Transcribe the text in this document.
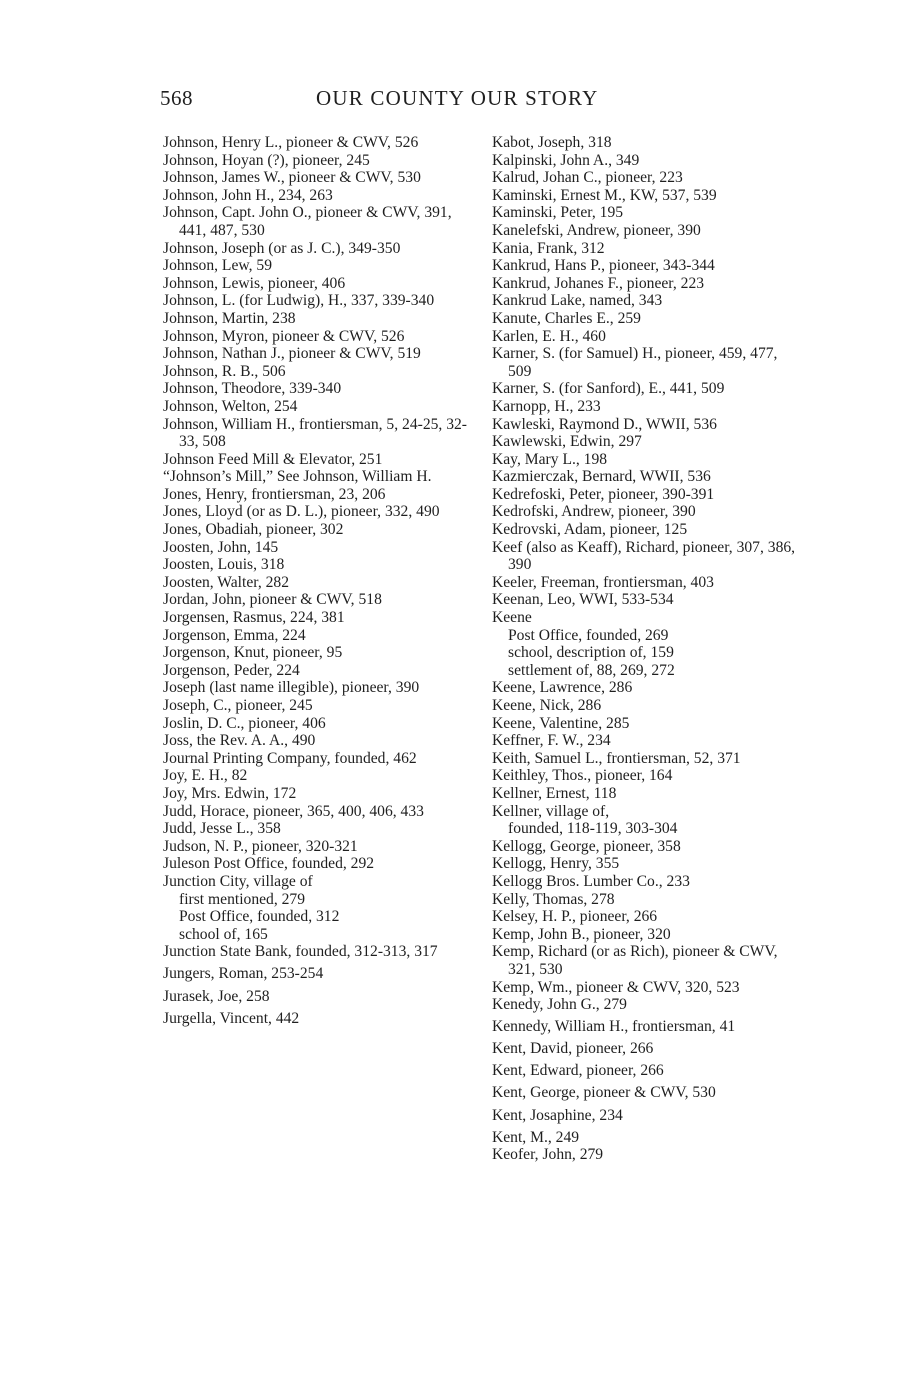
568	OUR COUNTY OUR STORY
Johnson, Henry L., pioneer & CWV, 526
Johnson, Hoyan (?), pioneer, 245
Johnson, James W., pioneer & CWV, 530
Johnson, John H., 234, 263
Johnson, Capt. John O., pioneer & CWV, 391, 441, 487, 530
Johnson, Joseph (or as J. C.), 349-350
Johnson, Lew, 59
Johnson, Lewis, pioneer, 406
Johnson, L. (for Ludwig), H., 337, 339-340
Johnson, Martin, 238
Johnson, Myron, pioneer & CWV, 526
Johnson, Nathan J., pioneer & CWV, 519
Johnson, R. B., 506
Johnson, Theodore, 339-340
Johnson, Welton, 254
Johnson, William H., frontiersman, 5, 24-25, 32-33, 508
Johnson Feed Mill & Elevator, 251
“Johnson’s Mill,” See Johnson, William H.
Jones, Henry, frontiersman, 23, 206
Jones, Lloyd (or as D. L.), pioneer, 332, 490
Jones, Obadiah, pioneer, 302
Joosten, John, 145
Joosten, Louis, 318
Joosten, Walter, 282
Jordan, John, pioneer & CWV, 518
Jorgensen, Rasmus, 224, 381
Jorgenson, Emma, 224
Jorgenson, Knut, pioneer, 95
Jorgenson, Peder, 224
Joseph (last name illegible), pioneer, 390
Joseph, C., pioneer, 245
Joslin, D. C., pioneer, 406
Joss, the Rev. A. A., 490
Journal Printing Company, founded, 462
Joy, E. H., 82
Joy, Mrs. Edwin, 172
Judd, Horace, pioneer, 365, 400, 406, 433
Judd, Jesse L., 358
Judson, N. P., pioneer, 320-321
Juleson Post Office, founded, 292
Junction City, village of
first mentioned, 279
Post Office, founded, 312
school of, 165
Junction State Bank, founded, 312-313, 317
Jungers, Roman, 253-254
Jurasek, Joe, 258
Jurgella, Vincent, 442
Kabot, Joseph, 318
Kalpinski, John A., 349
Kalrud, Johan C., pioneer, 223
Kaminski, Ernest M., KW, 537, 539
Kaminski, Peter, 195
Kanelefski, Andrew, pioneer, 390
Kania, Frank, 312
Kankrud, Hans P., pioneer, 343-344
Kankrud, Johanes F., pioneer, 223
Kankrud Lake, named, 343
Kanute, Charles E., 259
Karlen, E. H., 460
Karner, S. (for Samuel) H., pioneer, 459, 477, 509
Karner, S. (for Sanford), E., 441, 509
Karnopp, H., 233
Kawleski, Raymond D., WWII, 536
Kawlewski, Edwin, 297
Kay, Mary L., 198
Kazmierczak, Bernard, WWII, 536
Kedrefoski, Peter, pioneer, 390-391
Kedrofski, Andrew, pioneer, 390
Kedrovski, Adam, pioneer, 125
Keef (also as Keaff), Richard, pioneer, 307, 386, 390
Keeler, Freeman, frontiersman, 403
Keenan, Leo, WWI, 533-534
Keene
Post Office, founded, 269
school, description of, 159
settlement of, 88, 269, 272
Keene, Lawrence, 286
Keene, Nick, 286
Keene, Valentine, 285
Keffner, F. W., 234
Keith, Samuel L., frontiersman, 52, 371
Keithley, Thos., pioneer, 164
Kellner, Ernest, 118
Kellner, village of,
founded, 118-119, 303-304
Kellogg, George, pioneer, 358
Kellogg, Henry, 355
Kellogg Bros. Lumber Co., 233
Kelly, Thomas, 278
Kelsey, H. P., pioneer, 266
Kemp, John B., pioneer, 320
Kemp, Richard (or as Rich), pioneer & CWV, 321, 530
Kemp, Wm., pioneer & CWV, 320, 523
Kenedy, John G., 279
Kennedy, William H., frontiersman, 41
Kent, David, pioneer, 266
Kent, Edward, pioneer, 266
Kent, George, pioneer & CWV, 530
Kent, Josaphine, 234
Kent, M., 249
Keofer, John, 279
